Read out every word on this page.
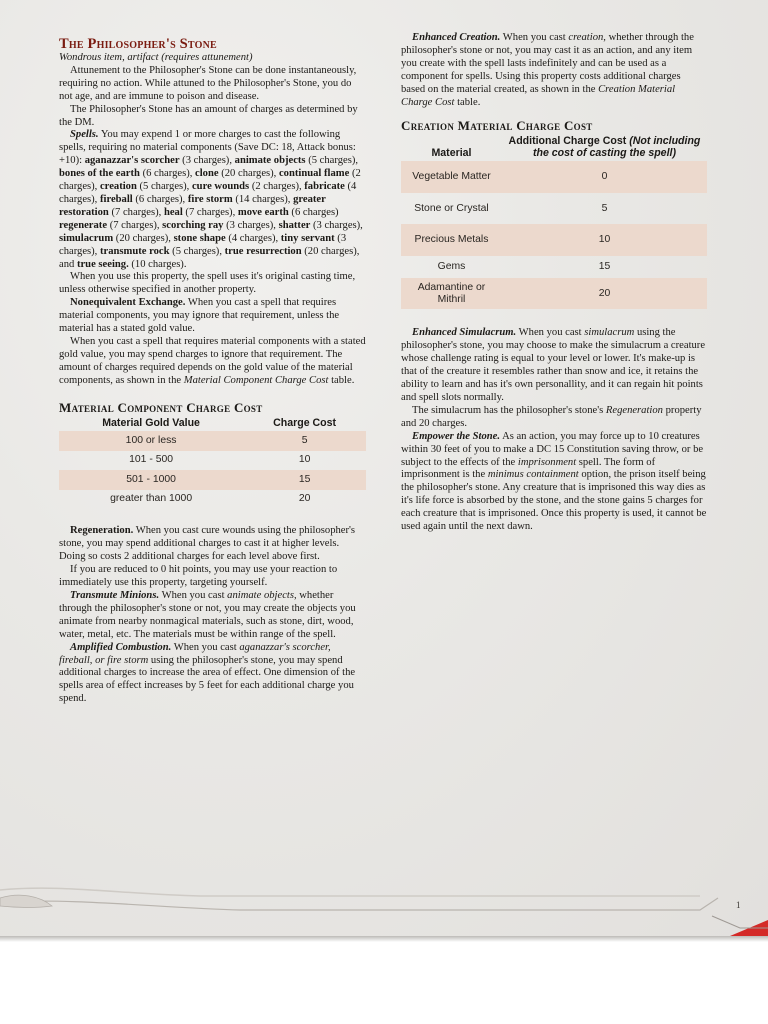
The Philosopher's Stone
Wondrous item, artifact (requires attunement)

Attunement to the Philosopher's Stone can be done instantaneously, requiring no action. While attuned to the Philosopher's Stone, you do not age, and are immune to poison and disease.

The Philosopher's Stone has an amount of charges as determined by the DM.

Spells. You may expend 1 or more charges to cast the following spells, requiring no material components (Save DC: 18, Attack bonus: +10): aganazzar's scorcher (3 charges), animate objects (5 charges), bones of the earth (6 charges), clone (20 charges), continual flame (2 charges), creation (5 charges), cure wounds (2 charges), fabricate (4 charges), fireball (6 charges), fire storm (14 charges), greater restoration (7 charges), heal (7 charges), move earth (6 charges) regenerate (7 charges), scorching ray (3 charges), shatter (3 charges), simulacrum (20 charges), stone shape (4 charges), tiny servant (3 charges), transmute rock (5 charges), true resurrection (20 charges), and true seeing. (10 charges).

When you use this property, the spell uses it's original casting time, unless otherwise specified in another property.

Nonequivalent Exchange. When you cast a spell that requires material components, you may ignore that requirement, unless the material has a stated gold value.

When you cast a spell that requires material components with a stated gold value, you may spend charges to ignore that requirement. The amount of charges required depends on the gold value of the material components, as shown in the Material Component Charge Cost table.

Material Component Charge Cost
Material Gold Value	Charge Cost
100 or less	5
101 - 500	10
501 - 1000	15
greater than 1000	20

Regeneration. When you cast cure wounds using the philosopher's stone, you may spend additional charges to cast it at higher levels. Doing so costs 2 additional charges for each level above first.

If you are reduced to 0 hit points, you may use your reaction to immediately use this property, targeting yourself.

Transmute Minions. When you cast animate objects, whether through the philosopher's stone or not, you may create the objects you animate from nearby nonmagical materials, such as stone, dirt, wood, water, metal, etc. The materials must be within range of the spell.

Amplified Combustion. When you cast aganazzar's scorcher, fireball, or fire storm using the philosopher's stone, you may spend additional charges to increase the area of effect. One dimension of the spells area of effect increases by 5 feet for each additional charge you spend.

Enhanced Creation. When you cast creation, whether through the philosopher's stone or not, you may cast it as an action, and any item you create with the spell lasts indefinitely and can be used as a component for spells. Using this property costs additional charges based on the material created, as shown in the Creation Material Charge Cost table.

Creation Material Charge Cost
Material	Additional Charge Cost (Not including the cost of casting the spell)
Vegetable Matter	0
Stone or Crystal	5
Precious Metals	10
Gems	15
Adamantine or Mithril	20

Enhanced Simulacrum. When you cast simulacrum using the philosopher's stone, you may choose to make the simulacrum a creature whose challenge rating is equal to your level or lower. It's make-up is that of the creature it resembles rather than snow and ice, it retains the ability to learn and has it's own personallity, and it can regain hit points and spell slots normally.

The simulacrum has the philosopher's stone's Regeneration property and 20 charges.

Empower the Stone. As an action, you may force up to 10 creatures within 30 feet of you to make a DC 15 Constitution saving throw, or be subject to the effects of the imprisonment spell. The form of imprisonment is the minimus containment option, the prison itself being the philosopher's stone. Any creature that is imprisoned this way dies as it's life force is absorbed by the stone, and the stone gains 5 charges for each creature that is imprisoned. Once this property is used, it cannot be used again until the next dawn.

1
